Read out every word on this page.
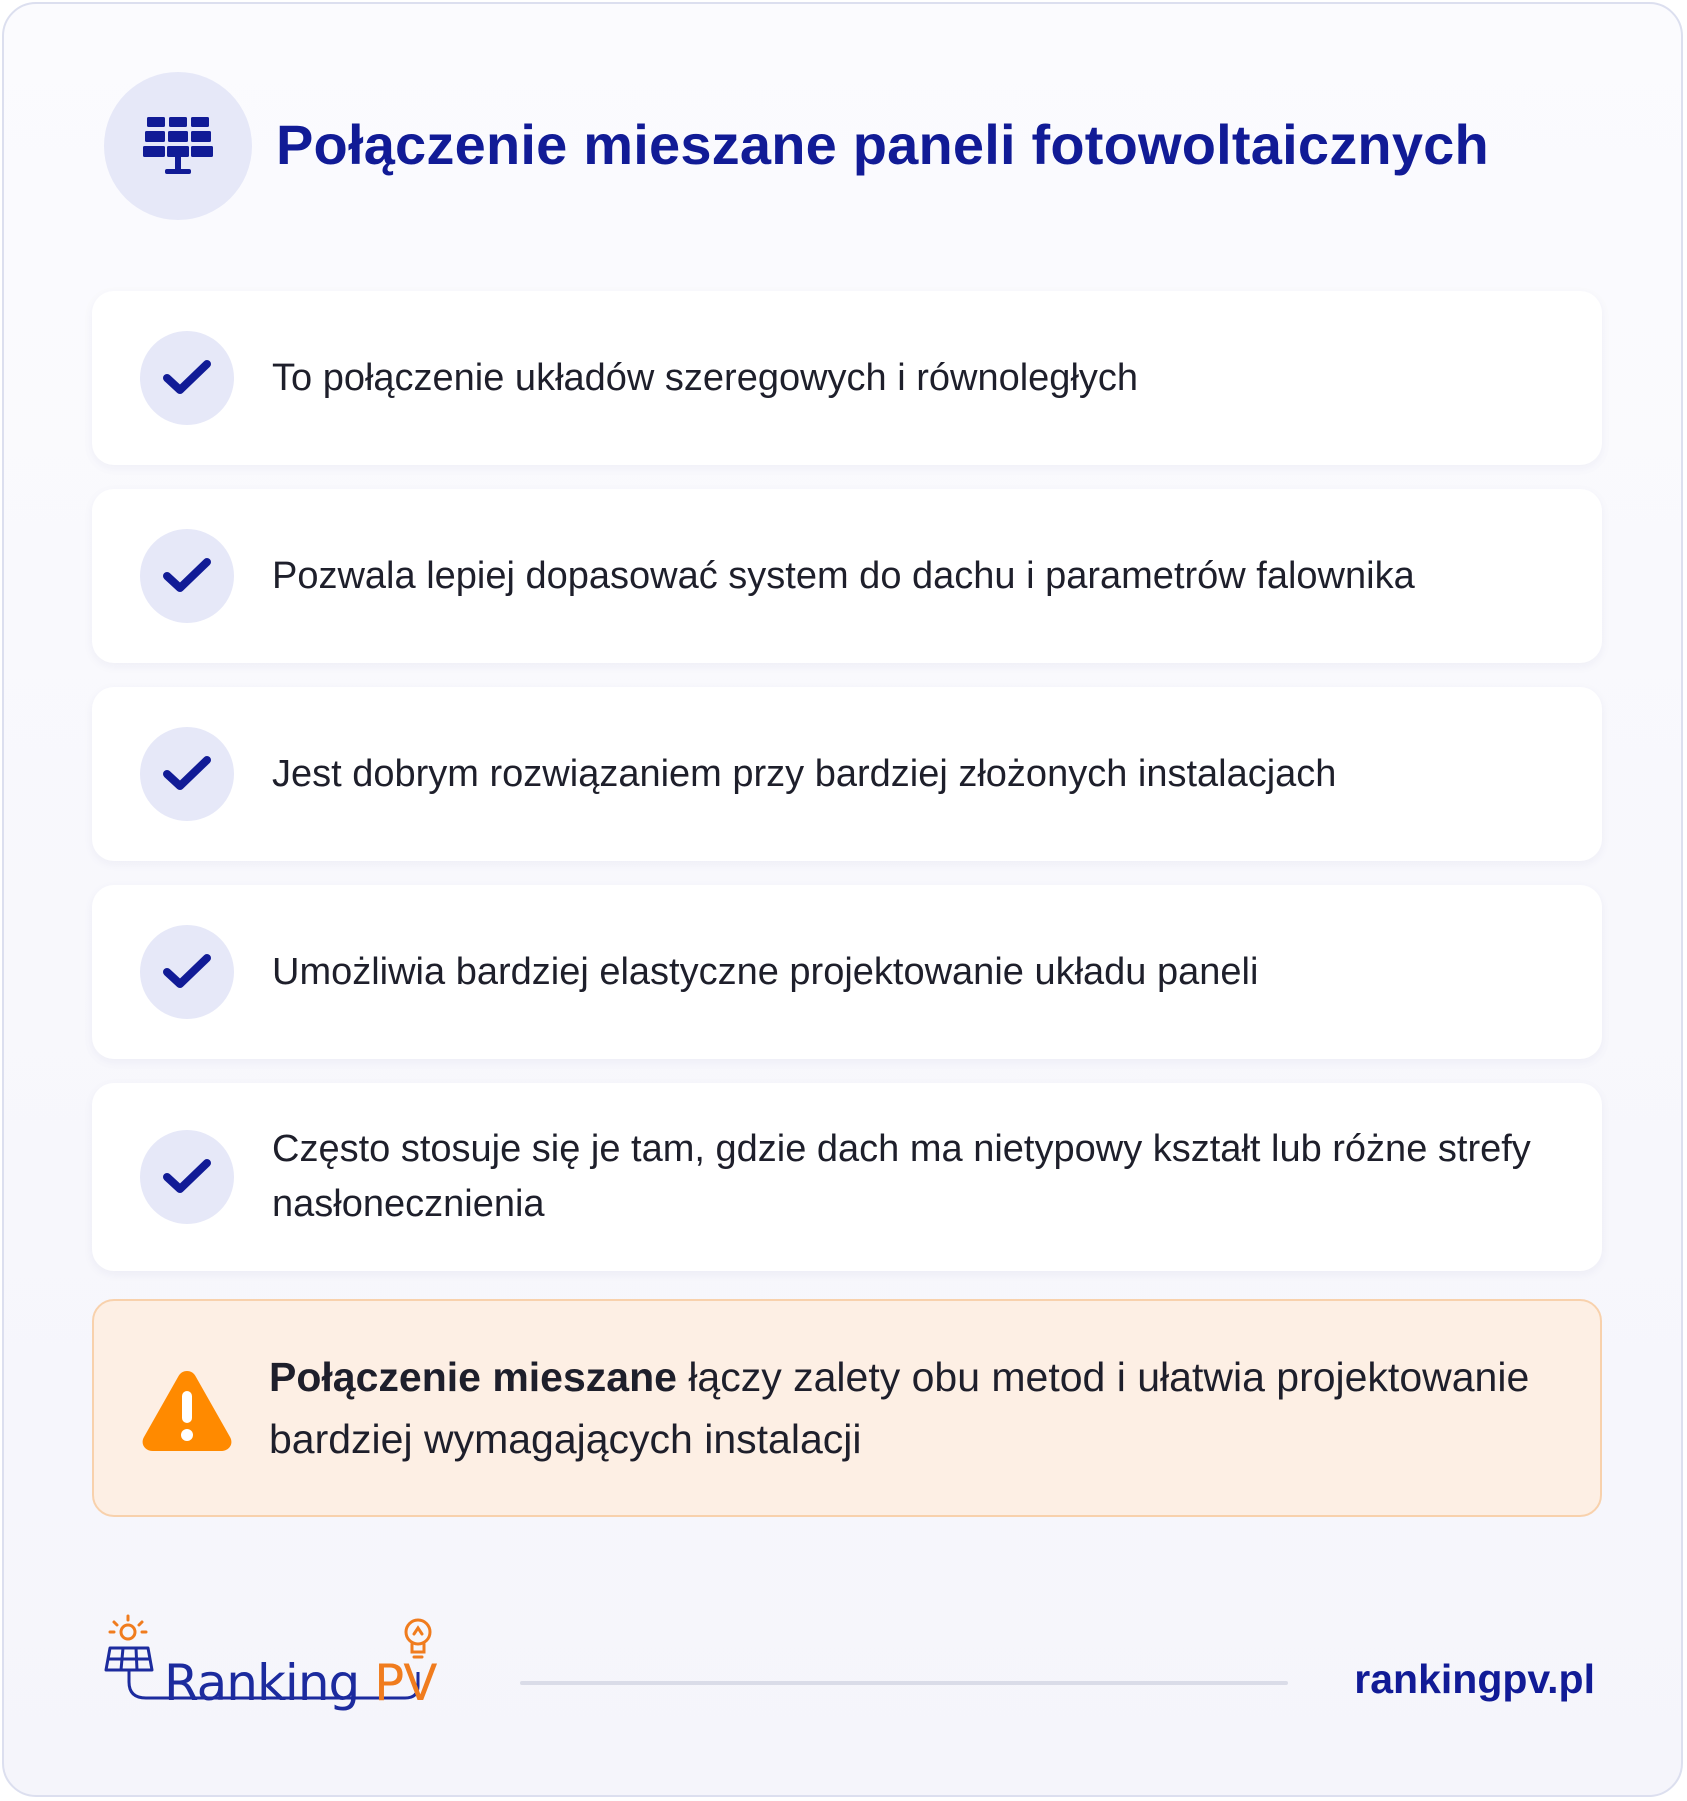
Połączenie mieszane paneli fotowoltaicznych
To połączenie układów szeregowych i równoległych
Pozwala lepiej dopasować system do dachu i parametrów falownika
Jest dobrym rozwiązaniem przy bardziej złożonych instalacjach
Umożliwia bardziej elastyczne projektowanie układu paneli
Często stosuje się je tam, gdzie dach ma nietypowy kształt lub różne strefy nasłonecznienia

Połączenie mieszane łączy zalety obu metod i ułatwia projektowanie bardziej wymagających instalacji

Ranking PV	rankingpv.pl
